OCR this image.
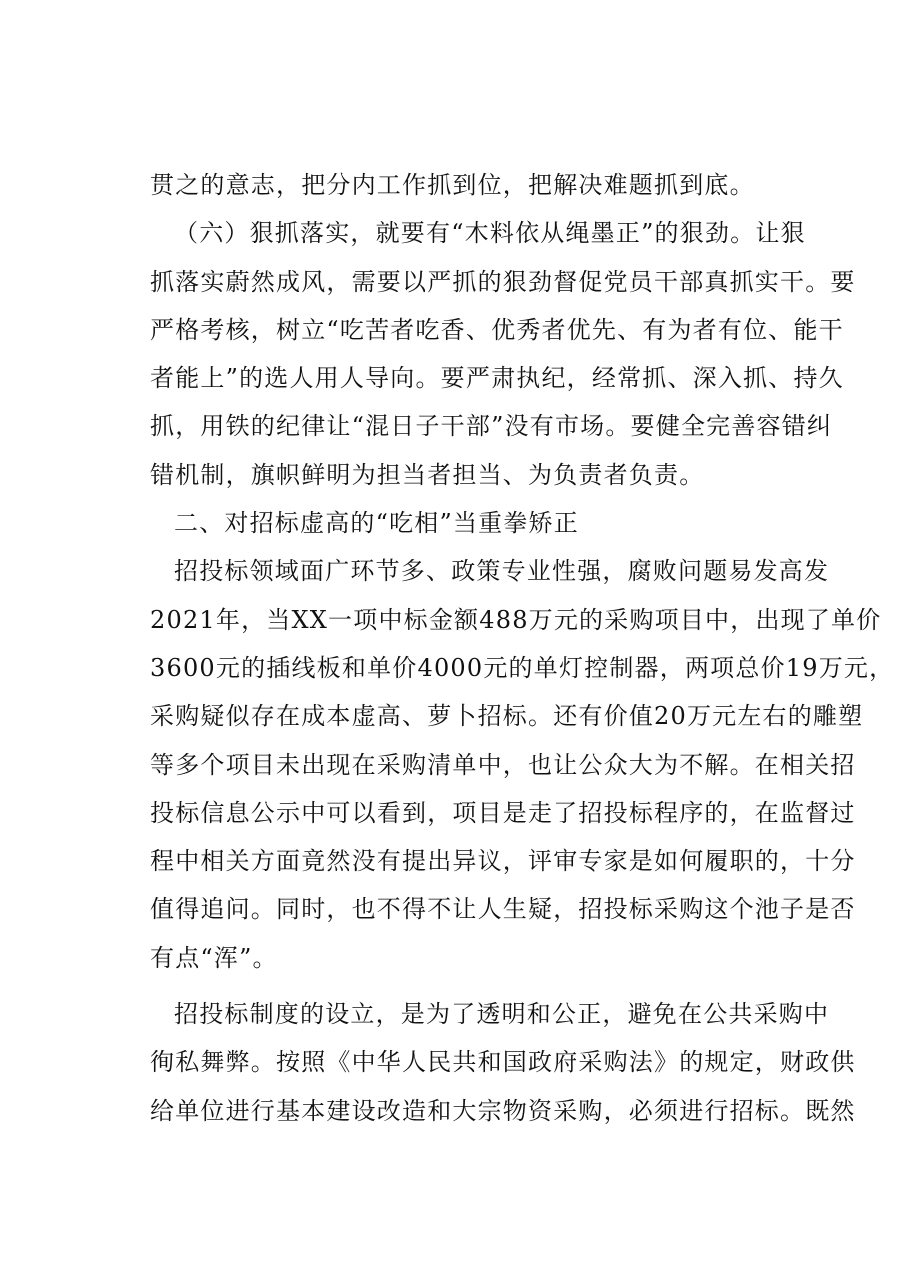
贯之的意志，把分内工作抓到位，把解决难题抓到底。
（六）狠抓落实，就要有“木料依从绳墨正”的狠劲。让狠
抓落实蔚然成风，需要以严抓的狠劲督促党员干部真抓实干。要
严格考核，树立“吃苦者吃香、优秀者优先、有为者有位、能干
者能上”的选人用人导向。要严肃执纪，经常抓、深入抓、持久
抓，用铁的纪律让“混日子干部”没有市场。要健全完善容错纠
错机制，旗帜鲜明为担当者担当、为负责者负责。
二、对招标虚高的“吃相”当重拳矫正
招投标领域面广环节多、政策专业性强，腐败问题易发高发
2021年，当XX一项中标金额488万元的采购项目中，出现了单价
3600元的插线板和单价4000元的单灯控制器，两项总价19万元，
采购疑似存在成本虚高、萝卜招标。还有价值20万元左右的雕塑
等多个项目未出现在采购清单中，也让公众大为不解。在相关招
投标信息公示中可以看到，项目是走了招投标程序的，在监督过
程中相关方面竟然没有提出异议，评审专家是如何履职的，十分
值得追问。同时，也不得不让人生疑，招投标采购这个池子是否
有点“浑”。
招投标制度的设立，是为了透明和公正，避免在公共采购中
徇私舞弊。按照《中华人民共和国政府采购法》的规定，财政供
给单位进行基本建设改造和大宗物资采购，必须进行招标。既然
